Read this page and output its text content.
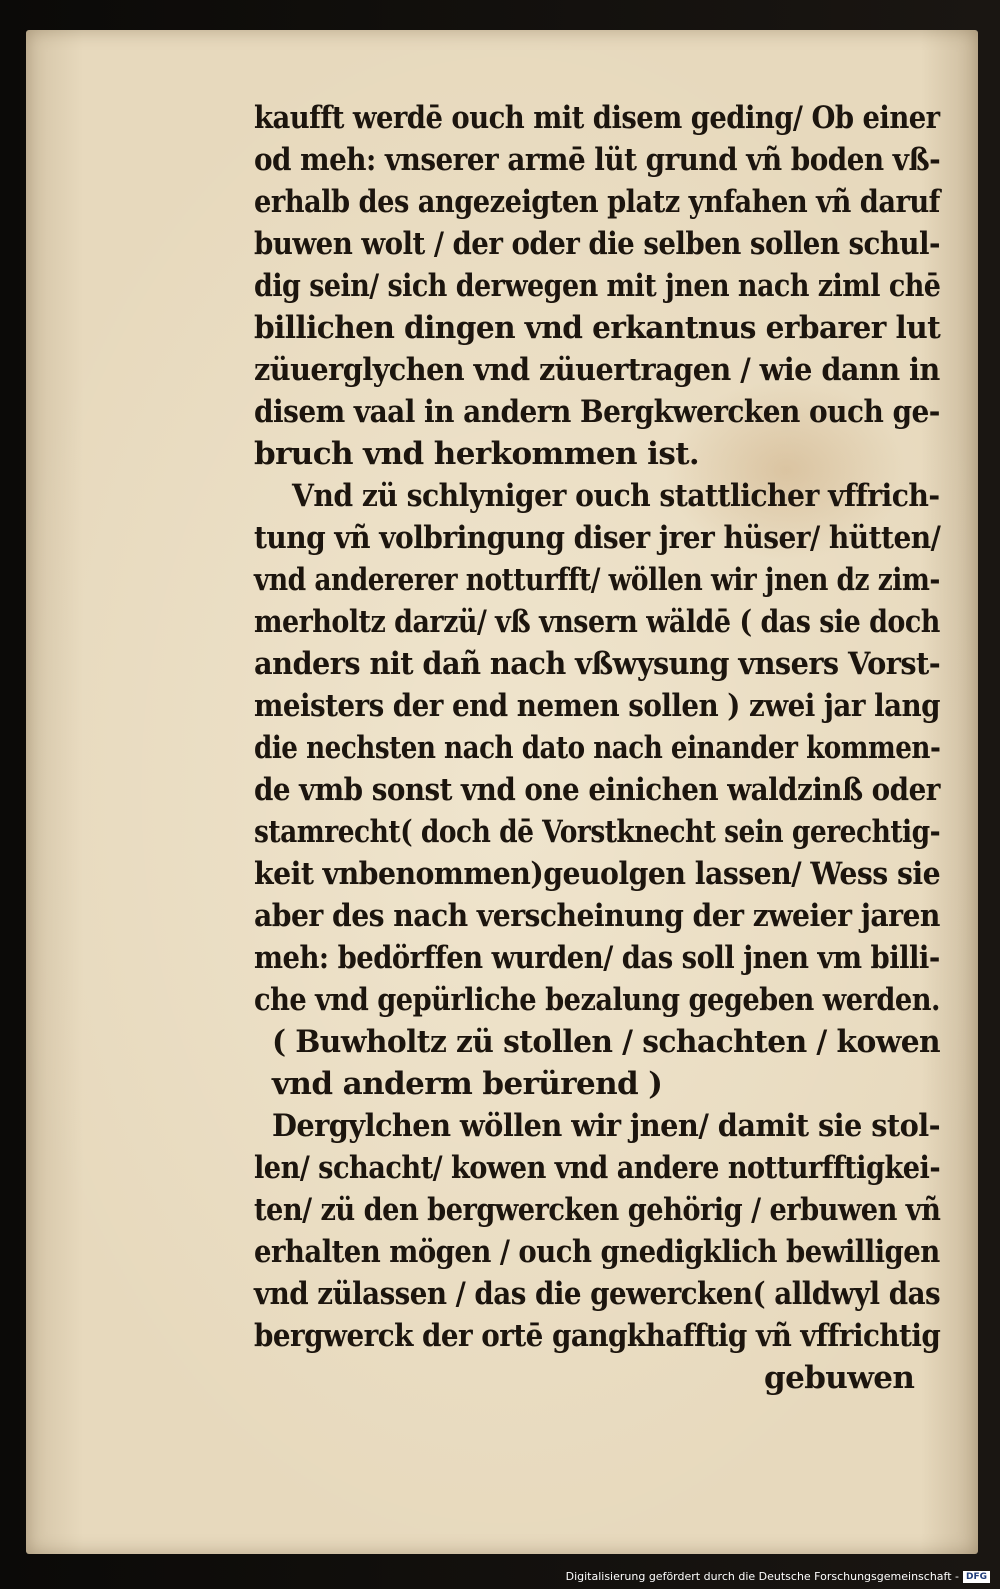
kaufft werdē ouch mit disem geding/ Ob einer
od meh: vnserer armē lüt grund vñ boden vß-
erhalb des angezeigten platz ynfahen vñ daruf
buwen wolt / der oder die selben sollen schul-
dig sein/ sich derwegen mit jnen nach ziml chē
billichen dingen vnd erkantnus erbarer lut
züuerglychen vnd züuertragen / wie dann in
disem vaal in andern Bergkwercken ouch ge-
bruch vnd herkommen ist.
Vnd zü schlyniger ouch stattlicher vffrich-
tung vñ volbringung diser jrer hüser/ hütten/
vnd andererer notturfft/ wöllen wir jnen dz zim-
merholtz darzü/ vß vnsern wäldē ( das sie doch
anders nit dañ nach vßwysung vnsers Vorst-
meisters der end nemen sollen ) zwei jar lang
die nechsten nach dato nach einander kommen-
de vmb sonst vnd one einichen waldzinß oder
stamrecht( doch dē Vorstknecht sein gerechtig-
keit vnbenommen)geuolgen lassen/ Wess sie
aber des nach verscheinung der zweier jaren
meh: bedörffen wurden/ das soll jnen vm billi-
che vnd gepürliche bezalung gegeben werden.
( Buwholtz zü stollen / schachten / kowen
vnd anderm berürend )
Dergylchen wöllen wir jnen/ damit sie stol-
len/ schacht/ kowen vnd andere notturfftigkei-
ten/ zü den bergwercken gehörig / erbuwen vñ
erhalten mögen / ouch gnedigklich bewilligen
vnd zülassen / das die gewercken( alldwyl das
bergwerck der ortē gangkhafftig vñ vffrichtig
gebuwen
Digitalisierung gefördert durch die Deutsche Forschungsgemeinschaft - DFG
